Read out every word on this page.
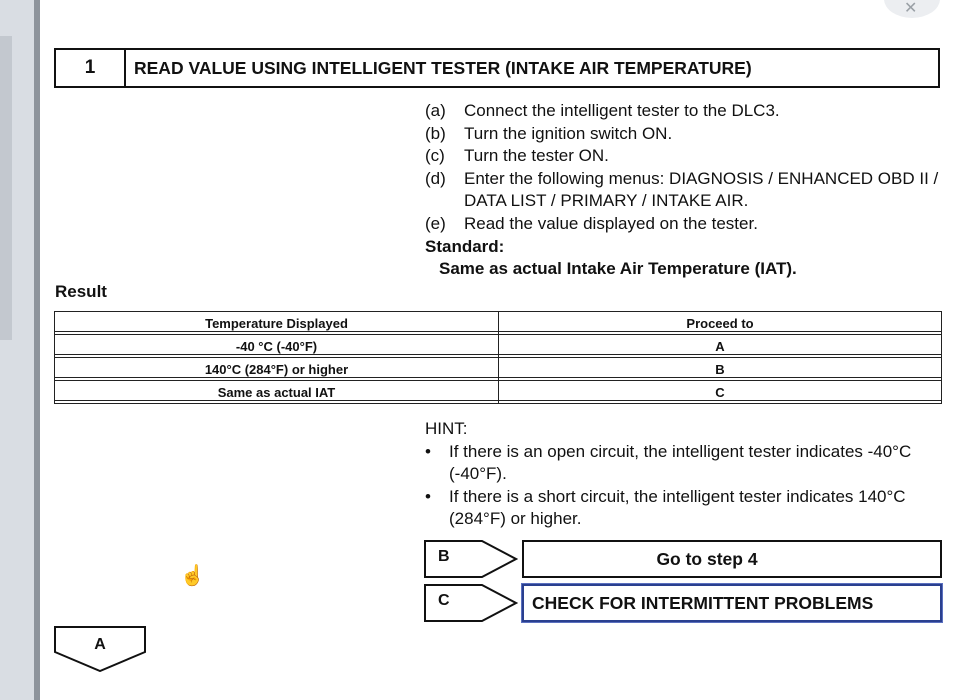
✕
1	READ VALUE USING INTELLIGENT TESTER (INTAKE AIR TEMPERATURE)
(a)	Connect the intelligent tester to the DLC3.
(b)	Turn the ignition switch ON.
(c)	Turn the tester ON.
(d)	Enter the following menus: DIAGNOSIS / ENHANCED OBD II / DATA LIST / PRIMARY / INTAKE AIR.
(e)	Read the value displayed on the tester.
Standard:
Same as actual Intake Air Temperature (IAT).
Result
Temperature Displayed	Proceed to
-40 °C (-40°F)	A
140°C (284°F) or higher	B
Same as actual IAT	C
HINT:
•	If there is an open circuit, the intelligent tester indicates -40°C (-40°F).
•	If there is a short circuit, the intelligent tester indicates 140°C (284°F) or higher.
B	Go to step 4
C	CHECK FOR INTERMITTENT PROBLEMS
A
☝
